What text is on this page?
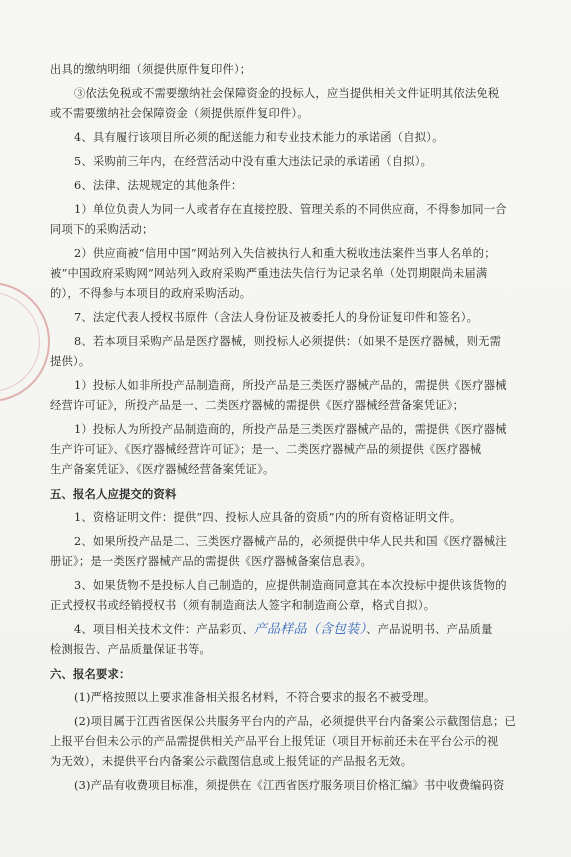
出具的缴纳明细（须提供原件复印件）；
③依法免税或不需要缴纳社会保障资金的投标人，应当提供相关文件证明其依法免税
或不需要缴纳社会保障资金（须提供原件复印件）。
4、具有履行该项目所必须的配送能力和专业技术能力的承诺函（自拟）。
5、采购前三年内，在经营活动中没有重大违法记录的承诺函（自拟）。
6、法律、法规规定的其他条件：
1）单位负责人为同一人或者存在直接控股、管理关系的不同供应商，不得参加同一合
同项下的采购活动；
2）供应商被“信用中国”网站列入失信被执行人和重大税收违法案件当事人名单的；
被“中国政府采购网”网站列入政府采购严重违法失信行为记录名单（处罚期限尚未届满
的），不得参与本项目的政府采购活动。
7、法定代表人授权书原件（含法人身份证及被委托人的身份证复印件和签名）。
8、若本项目采购产品是医疗器械，则投标人必须提供：（如果不是医疗器械，则无需
提供）。
1）投标人如非所投产品制造商，所投产品是三类医疗器械产品的，需提供《医疗器械
经营许可证》，所投产品是一、二类医疗器械的需提供《医疗器械经营备案凭证》；
1）投标人为所投产品制造商的，所投产品是三类医疗器械产品的，需提供《医疗器械
生产许可证》、《医疗器械经营许可证》；是一、二类医疗器械产品的须提供《医疗器械
生产备案凭证》、《医疗器械经营备案凭证》。
五、报名人应提交的资料
1、资格证明文件：提供“四、投标人应具备的资质”内的所有资格证明文件。
2、如果所投产品是二、三类医疗器械产品的，必须提供中华人民共和国《医疗器械注
册证》；是一类医疗器械产品的需提供《医疗器械备案信息表》。
3、如果货物不是投标人自己制造的，应提供制造商同意其在本次投标中提供该货物的
正式授权书或经销授权书（须有制造商法人签字和制造商公章，格式自拟）。
4、项目相关技术文件：产品彩页、产品样品（含包装）、产品说明书、产品质量
检测报告、产品质量保证书等。
六、报名要求：
(1)严格按照以上要求准备相关报名材料，不符合要求的报名不被受理。
(2)项目属于江西省医保公共服务平台内的产品，必须提供平台内备案公示截图信息；已
上报平台但未公示的产品需提供相关产品平台上报凭证（项目开标前还未在平台公示的视
为无效），未提供平台内备案公示截图信息或上报凭证的产品报名无效。
(3)产品有收费项目标准，须提供在《江西省医疗服务项目价格汇编》书中收费编码资
